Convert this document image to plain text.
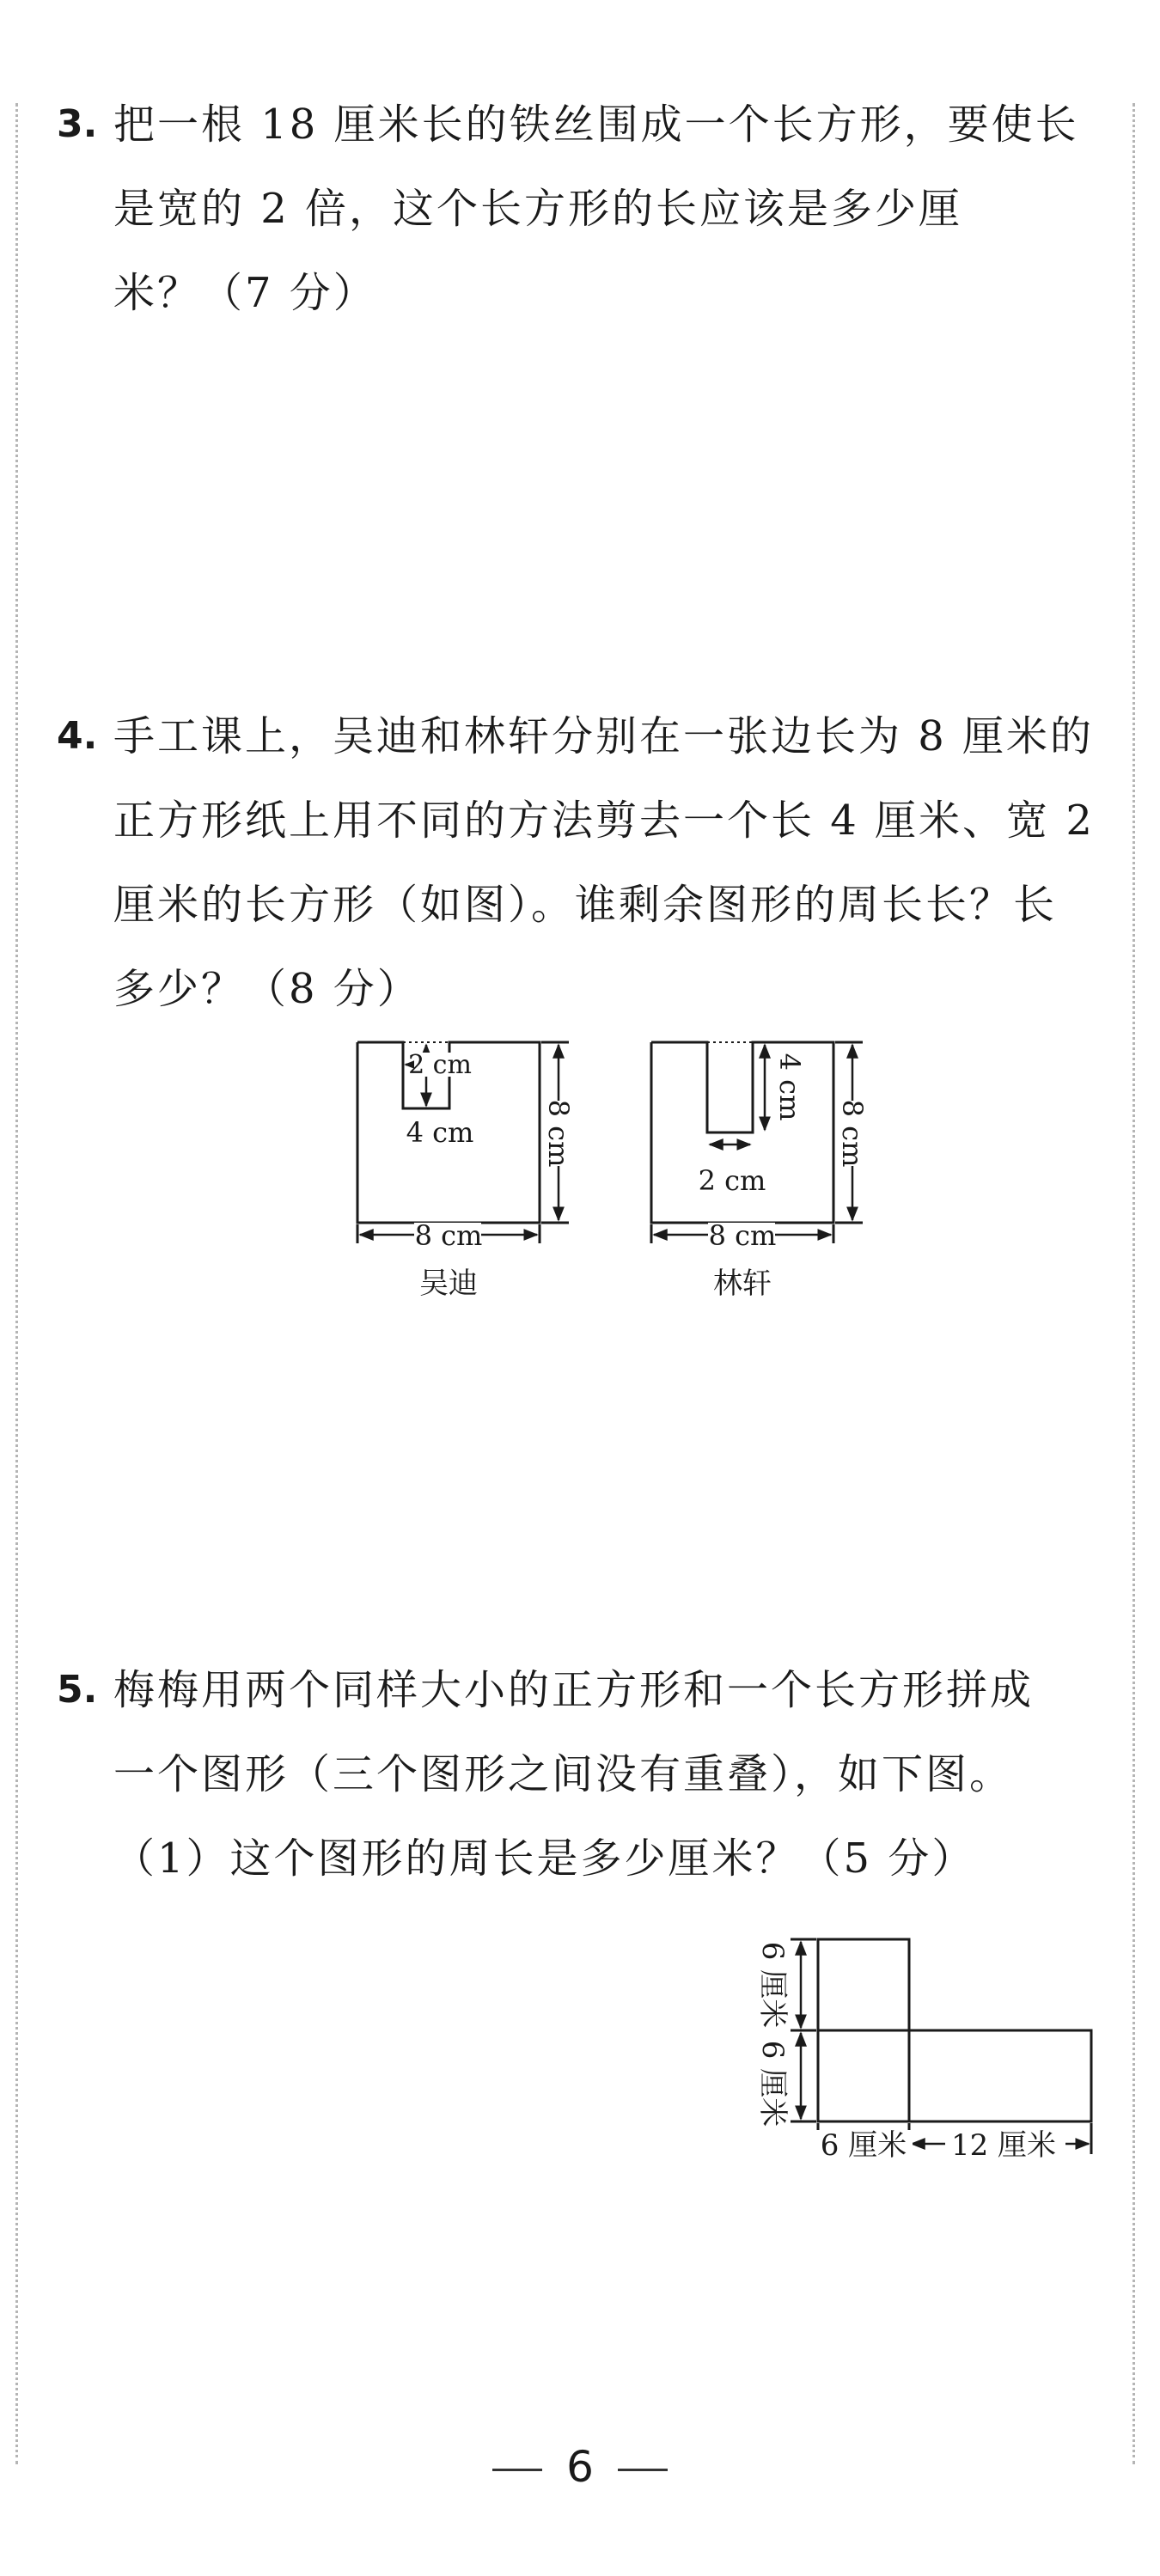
3. 把一根 18 厘米长的铁丝围成一个长方形，要使长
是宽的 2 倍，这个长方形的长应该是多少厘
米？（7 分）
4. 手工课上，吴迪和林轩分别在一张边长为 8 厘米的
正方形纸上用不同的方法剪去一个长 4 厘米、宽 2
厘米的长方形（如图）。谁剩余图形的周长长？长
多少？（8 分）
2 cm
4 cm 8 cm
8 cm
吴迪
4 cm
2 cm
8 cm
8 cm
林轩
5. 梅梅用两个同样大小的正方形和一个长方形拼成
一个图形（三个图形之间没有重叠），如下图。
（1）这个图形的周长是多少厘米？（5 分）
6 厘米
6 厘米
6 厘米 12 厘米
6
